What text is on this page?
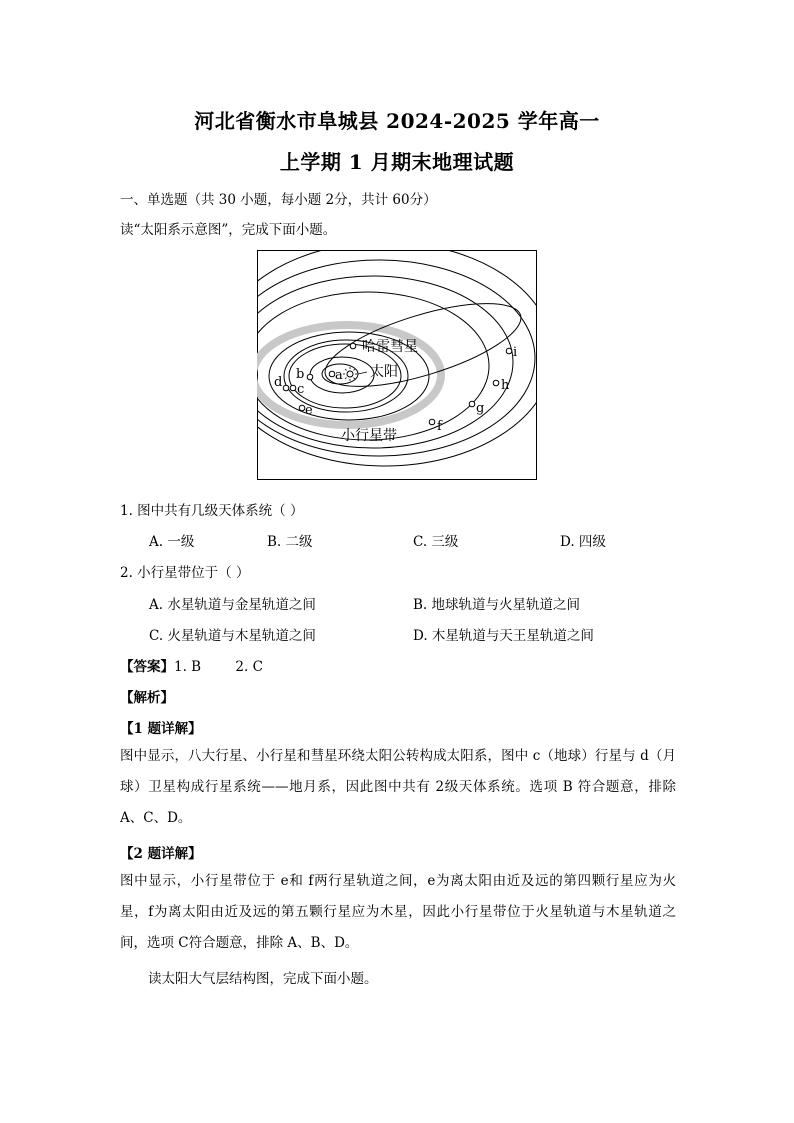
河北省衡水市阜城县 2024-2025 学年高一
上学期 1 月期末地理试题
一、单选题（共 30 小题，每小题 2分，共计 60分）
读“太阳系示意图”，完成下面小题。
哈雷彗星
太阳
小行星带
a
b
d c
e
f
g
h
i
1. 图中共有几级天体系统（ ）
A. 一级	B. 二级	C. 三级	D. 四级
2. 小行星带位于（ ）
A. 水星轨道与金星轨道之间	B. 地球轨道与火星轨道之间
C. 火星轨道与木星轨道之间	D. 木星轨道与天王星轨道之间
【答案】1. B        2. C
【解析】
【1 题详解】
图中显示，八大行星、小行星和彗星环绕太阳公转构成太阳系，图中 c（地球）行星与 d（月球）卫星构成行星系统——地月系，因此图中共有 2级天体系统。选项 B 符合题意，排除 A、C、D。
【2 题详解】
图中显示，小行星带位于 e和 f两行星轨道之间，e为离太阳由近及远的第四颗行星应为火星，f为离太阳由近及远的第五颗行星应为木星，因此小行星带位于火星轨道与木星轨道之间，选项 C符合题意，排除 A、B、D。
读太阳大气层结构图，完成下面小题。
